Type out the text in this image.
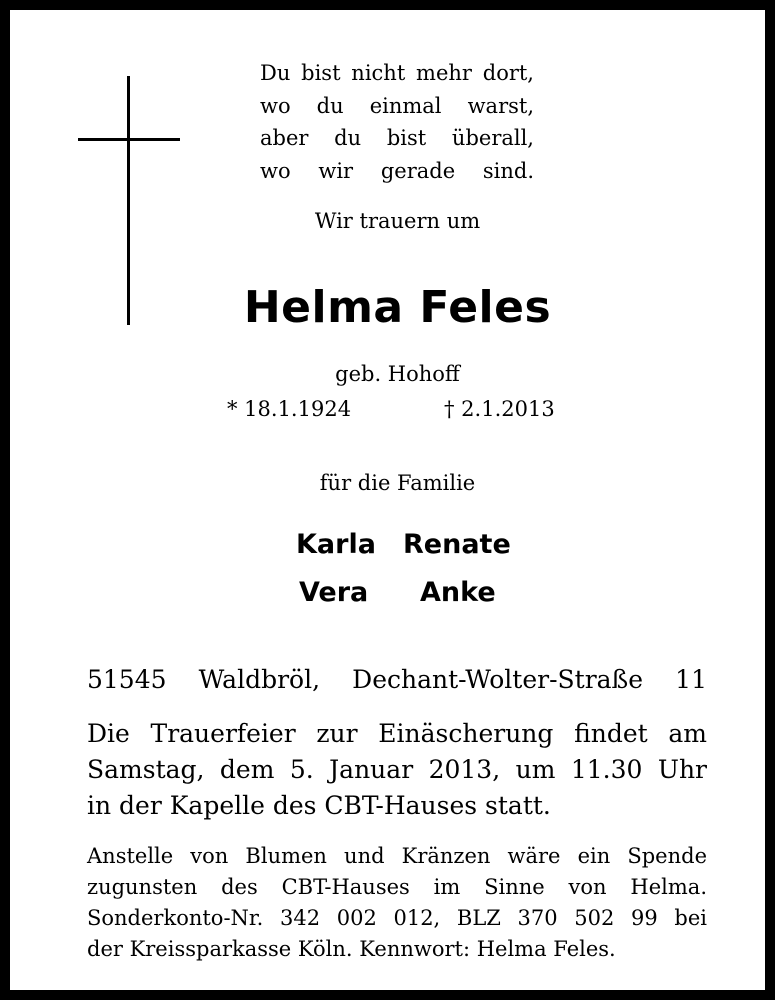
Du bist nicht mehr dort,
wo du einmal warst,
aber du bist überall,
wo wir gerade sind.
Wir trauern um
Helma Feles
geb. Hohoff
* 18.1.1924	† 2.1.2013
für die Familie
Karla Renate
Vera Anke
51545 Waldbröl, Dechant-Wolter-Straße 11
Die Trauerfeier zur Einäscherung findet am
Samstag, dem 5. Januar 2013, um 11.30 Uhr
in der Kapelle des CBT-Hauses statt.
Anstelle von Blumen und Kränzen wäre ein Spende
zugunsten des CBT-Hauses im Sinne von Helma.
Sonderkonto-Nr. 342 002 012, BLZ 370 502 99 bei
der Kreissparkasse Köln. Kennwort: Helma Feles.
